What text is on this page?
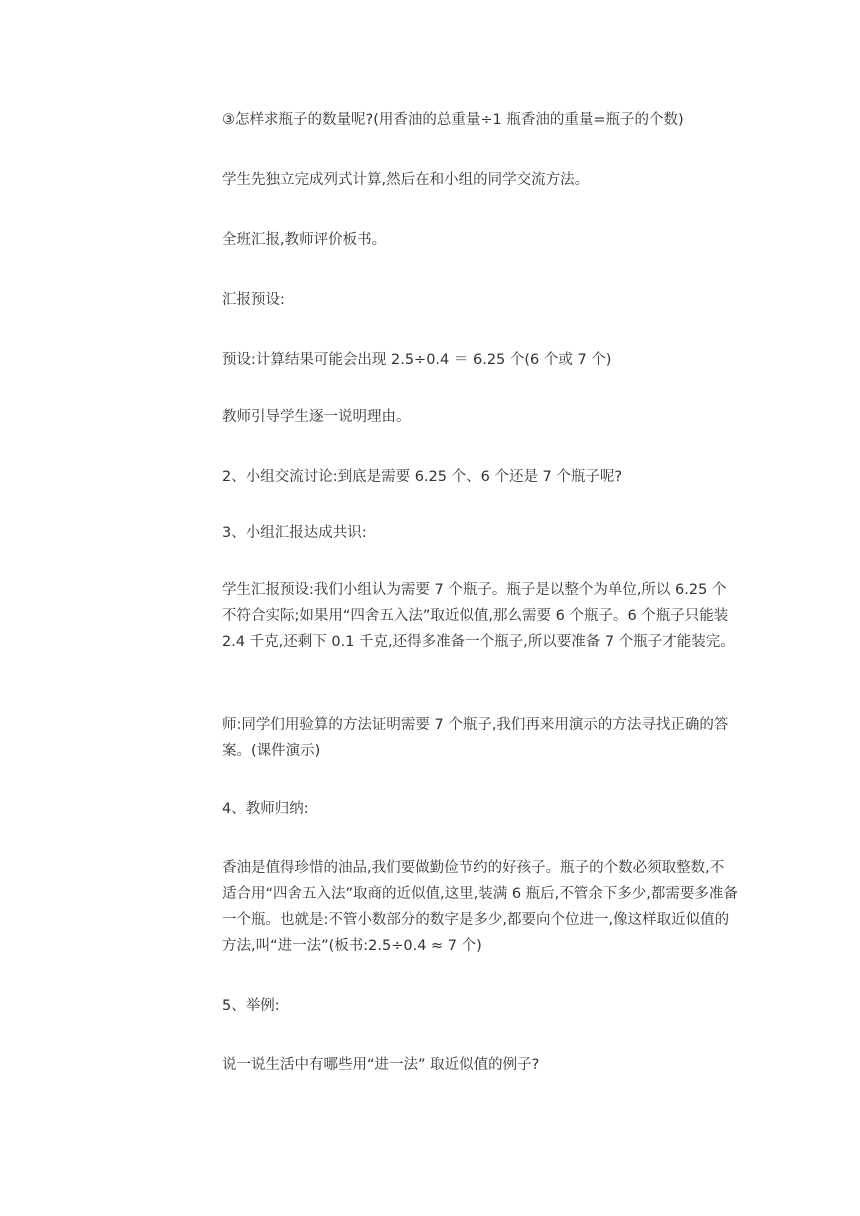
③怎样求瓶子的数量呢?(用香油的总重量÷1 瓶香油的重量=瓶子的个数)

学生先独立完成列式计算,然后在和小组的同学交流方法。

全班汇报,教师评价板书。

汇报预设:

预设:计算结果可能会出现 2.5÷0.4 ＝ 6.25 个(6 个或 7 个)

教师引导学生逐一说明理由。

2、小组交流讨论:到底是需要 6.25 个、6 个还是 7 个瓶子呢?

3、小组汇报达成共识:

学生汇报预设:我们小组认为需要 7 个瓶子。瓶子是以整个为单位,所以 6.25 个不符合实际;如果用“四舍五入法”取近似值,那么需要 6 个瓶子。6 个瓶子只能装 2.4 千克,还剩下 0.1 千克,还得多准备一个瓶子,所以要准备 7 个瓶子才能装完。

师:同学们用验算的方法证明需要 7 个瓶子,我们再来用演示的方法寻找正确的答案。(课件演示)

4、教师归纳:

香油是值得珍惜的油品,我们要做勤俭节约的好孩子。瓶子的个数必须取整数,不适合用“四舍五入法”取商的近似值,这里,装满 6 瓶后,不管余下多少,都需要多准备一个瓶。也就是:不管小数部分的数字是多少,都要向个位进一,像这样取近似值的方法,叫“进一法”(板书:2.5÷0.4 ≈ 7 个)

5、举例:

说一说生活中有哪些用“进一法” 取近似值的例子?
